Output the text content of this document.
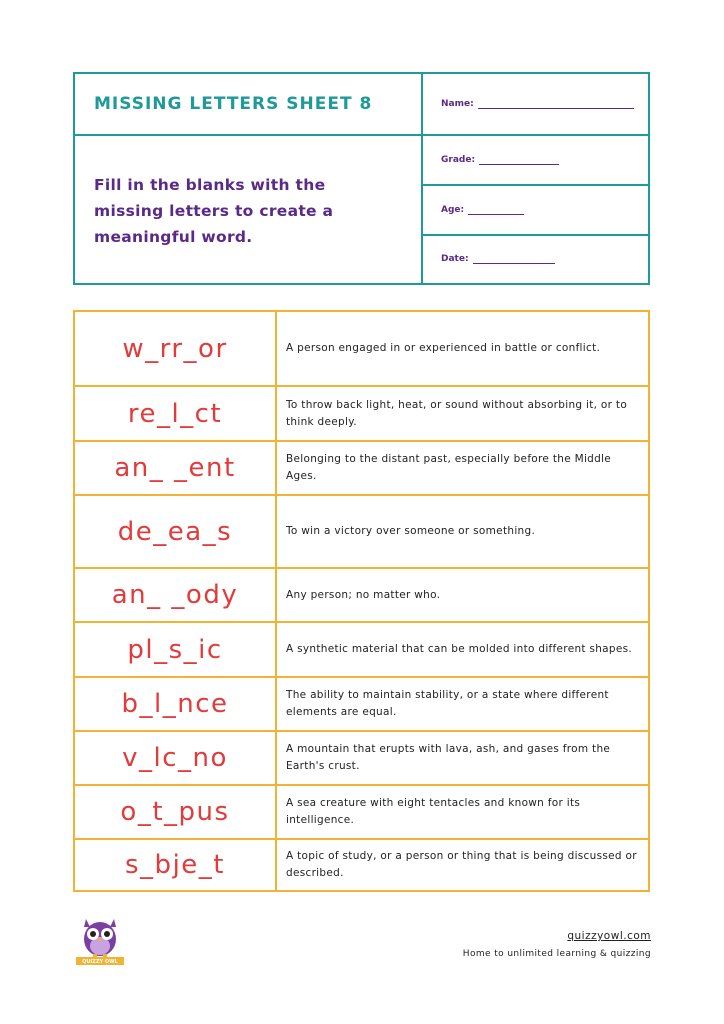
MISSING LETTERS SHEET 8
Fill in the blanks with the missing letters to create a meaningful word.
Name:
Grade:
Age:
Date:
w_rr_or	A person engaged in or experienced in battle or conflict.
re_l_ct	To throw back light, heat, or sound without absorbing it, or to think deeply.
an_ _ent	Belonging to the distant past, especially before the Middle Ages.
de_ea_s	To win a victory over someone or something.
an_ _ody	Any person; no matter who.
pl_s_ic	A synthetic material that can be molded into different shapes.
b_l_nce	The ability to maintain stability, or a state where different elements are equal.
v_lc_no	A mountain that erupts with lava, ash, and gases from the Earth's crust.
o_t_pus	A sea creature with eight tentacles and known for its intelligence.
s_bje_t	A topic of study, or a person or thing that is being discussed or described.
QUIZZY OWL
quizzyowl.com
Home to unlimited learning & quizzing
